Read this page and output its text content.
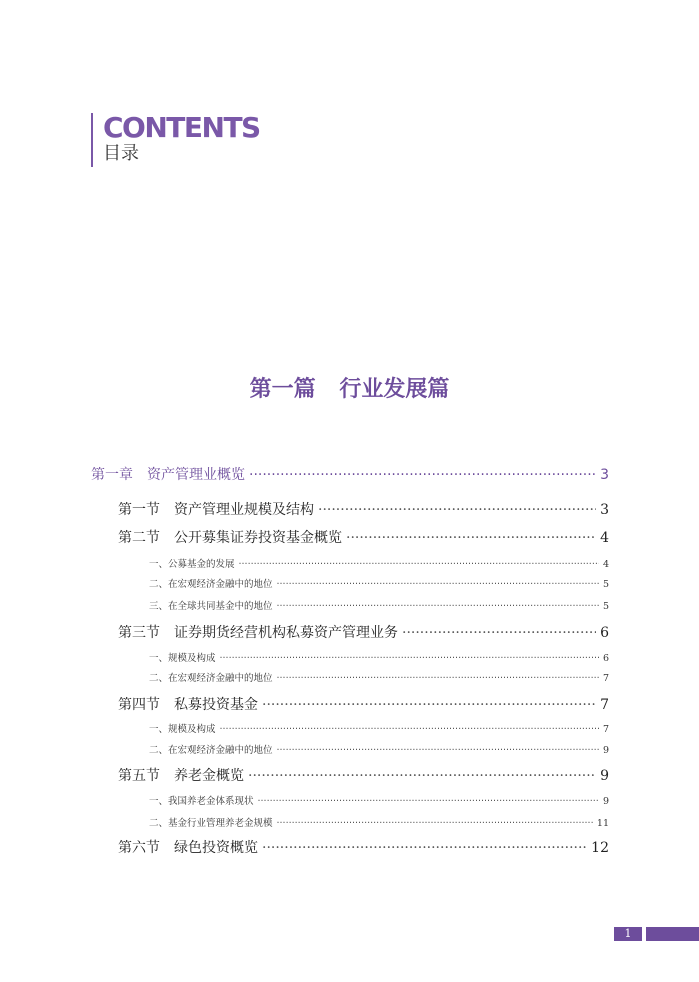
CONTENTS
目录
第一篇 行业发展篇
第一章 资产管理业概览 ·····	3
第一节 资产管理业规模及结构 ·····	3
第二节 公开募集证券投资基金概览 ·····	4
一、公募基金的发展 ·····	4
二、在宏观经济金融中的地位 ·····	5
三、在全球共同基金中的地位 ·····	5
第三节 证券期货经营机构私募资产管理业务 ·····	6
一、规模及构成 ·····	6
二、在宏观经济金融中的地位 ·····	7
第四节 私募投资基金 ·····	7
一、规模及构成 ·····	7
二、在宏观经济金融中的地位 ·····	9
第五节 养老金概览 ·····	9
一、我国养老金体系现状 ·····	9
二、基金行业管理养老金规模 ·····	11
第六节 绿色投资概览 ·····	12
1
